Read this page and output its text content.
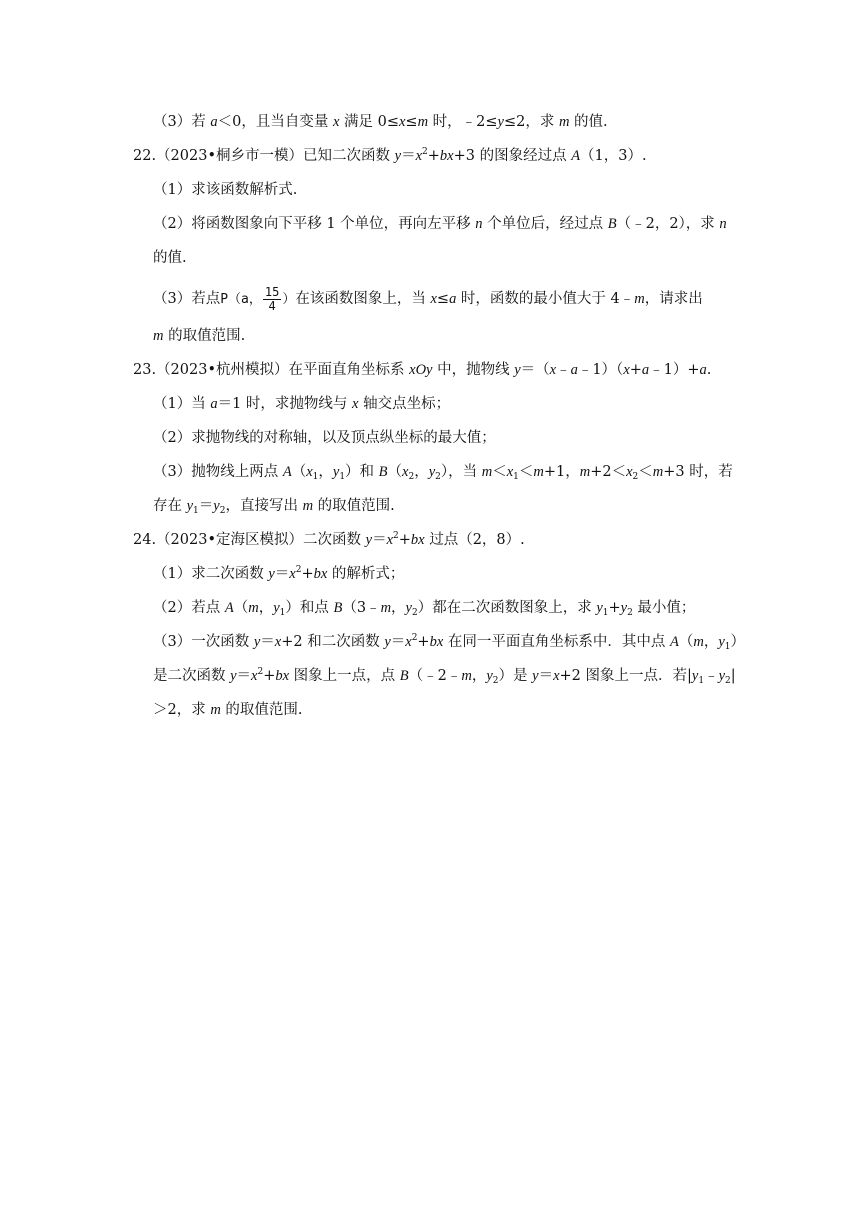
（3）若 a＜0，且当自变量 x 满足 0≤x≤m 时，﹣2≤y≤2，求 m 的值.
22.（2023•桐乡市一模）已知二次函数 $y=x^2+bx+3$ 的图象经过点 A（1，3）.
（1）求该函数解析式.
（2）将函数图象向下平移 1 个单位，再向左平移 n 个单位后，经过点 B（﹣2，2），求 n
的值.
（3）若点P（a， $\frac{15}{4}$ ）在该函数图象上，当 x≤a 时，函数的最小值大于 4﹣m，请求出
m 的取值范围.
23.（2023•杭州模拟）在平面直角坐标系 xOy 中，抛物线 y＝（x﹣a﹣1）（x+a﹣1）+a.
（1）当 a＝1 时，求抛物线与 x 轴交点坐标；
（2）求抛物线的对称轴，以及顶点纵坐标的最大值；
（3）抛物线上两点 $A(x_1$，$y_1$）和 $B(x_2$，$y_2$），当 $m<x_1<m+1$，$m+2<x_2<m+3$ 时，若
存在 $y_1=y_2$，直接写出 m 的取值范围.
24.（2023•定海区模拟）二次函数 $y=x^2+bx$ 过点（2，8）.
（1）求二次函数 $y=x^2+bx$ 的解析式；
（2）若点 A（m，$y_1$）和点 B（3﹣m，$y_2$）都在二次函数图象上，求 $y_1+y_2$ 最小值；
（3）一次函数 y＝x+2 和二次函数 $y=x^2+bx$ 在同一平面直角坐标系中．其中点 A（m，$y_1$）
是二次函数 $y=x^2+bx$ 图象上一点，点 B（﹣2﹣m，$y_2$）是 y＝x+2 图象上一点．若$|y_1﹣y_2|$
＞2，求 m 的取值范围.
